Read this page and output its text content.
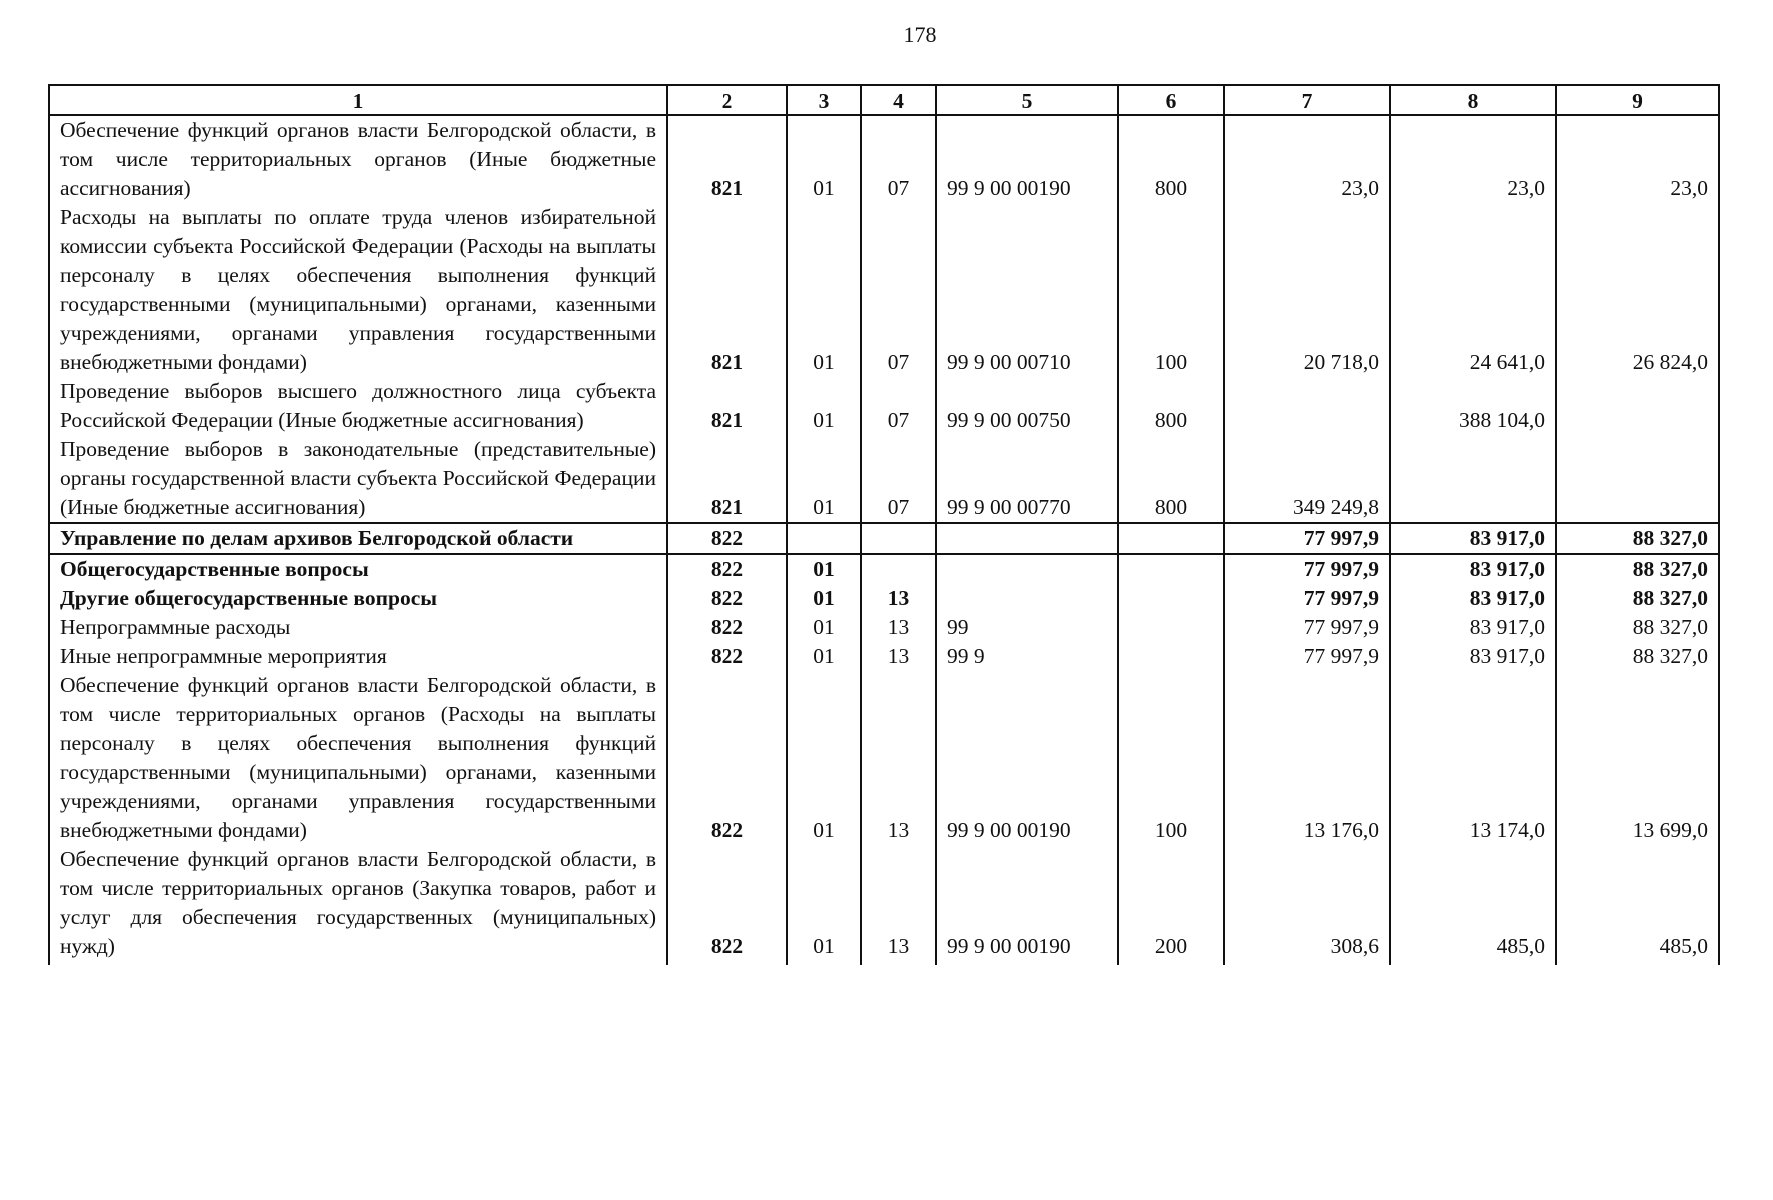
178
1	2	3	4	5	6	7	8	9
Обеспечение функций органов власти Белгородской области, в том числе территориальных органов (Иные бюджетные ассигнования)	821	01	07	99 9 00 00190	800	23,0	23,0	23,0
Расходы на выплаты по оплате труда членов избирательной комиссии субъекта Российской Федерации (Расходы на выплаты персоналу в целях обеспечения выполнения функций государственными (муниципальными) органами, казенными учреждениями, органами управления государственными внебюджетными фондами)	821	01	07	99 9 00 00710	100	20 718,0	24 641,0	26 824,0
Проведение выборов высшего должностного лица субъекта Российской Федерации (Иные бюджетные ассигнования)	821	01	07	99 9 00 00750	800		388 104,0	
Проведение выборов в законодательные (представительные) органы государственной власти субъекта Российской Федерации (Иные бюджетные ассигнования)	821	01	07	99 9 00 00770	800	349 249,8		
Управление по делам архивов Белгородской области	822					77 997,9	83 917,0	88 327,0
Общегосударственные вопросы	822	01				77 997,9	83 917,0	88 327,0
Другие общегосударственные вопросы	822	01	13			77 997,9	83 917,0	88 327,0
Непрограммные расходы	822	01	13	99		77 997,9	83 917,0	88 327,0
Иные непрограммные мероприятия	822	01	13	99 9		77 997,9	83 917,0	88 327,0
Обеспечение функций органов власти Белгородской области, в том числе территориальных органов (Расходы на выплаты персоналу в целях обеспечения выполнения функций государственными (муниципальными) органами, казенными учреждениями, органами управления государственными внебюджетными фондами)	822	01	13	99 9 00 00190	100	13 176,0	13 174,0	13 699,0
Обеспечение функций органов власти Белгородской области, в том числе территориальных органов (Закупка товаров, работ и услуг для обеспечения государственных (муниципальных) нужд)	822	01	13	99 9 00 00190	200	308,6	485,0	485,0
